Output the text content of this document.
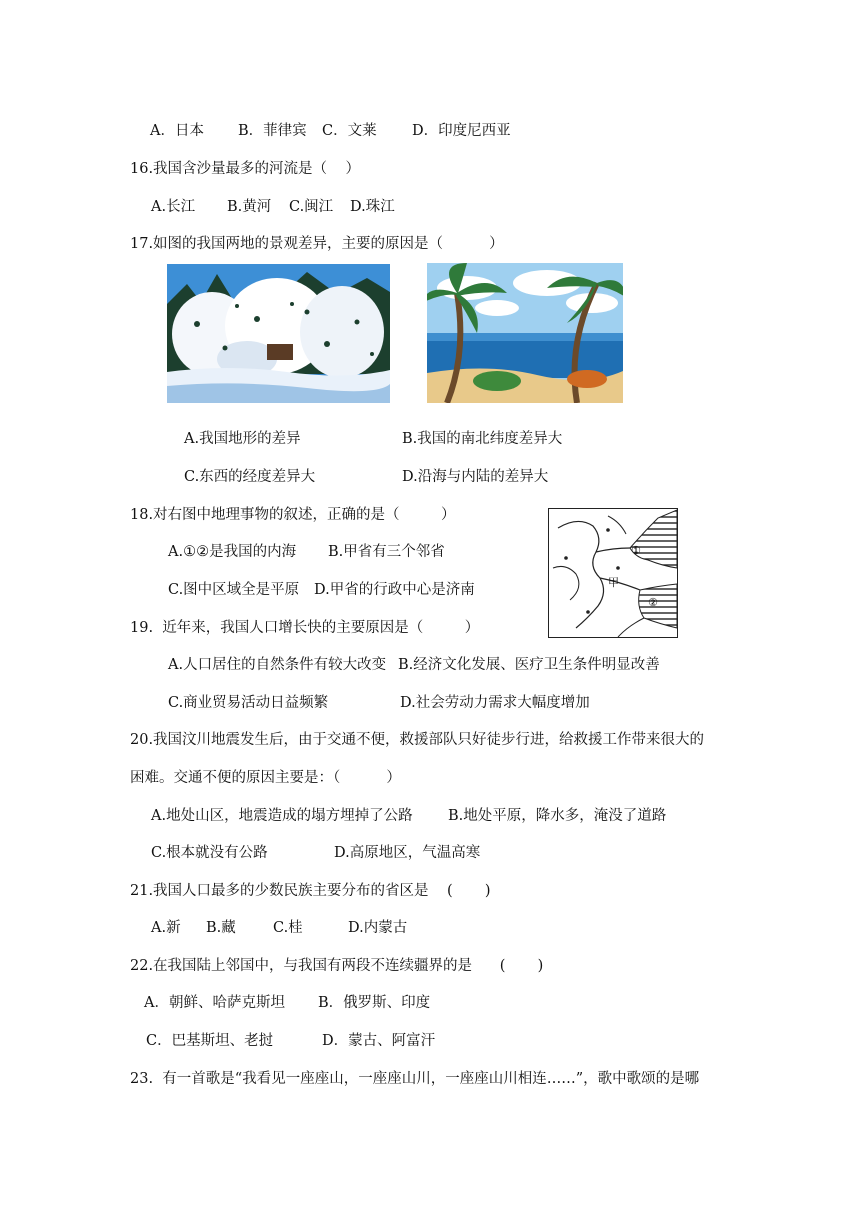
A．日本 B．菲律宾 C．文莱 D．印度尼西亚
16.我国含沙量最多的河流是（    ）
A.长江 B.黄河 C.闽江 D.珠江
17.如图的我国两地的景观差异，主要的原因是（          ）
A.我国地形的差异	B.我国的南北纬度差异大
C.东西的经度差异大	D.沿海与内陆的差异大
18.对右图中地理事物的叙述，正确的是（         ）
A.①②是我国的内海 B.甲省有三个邻省
C.图中区域全是平原 D.甲省的行政中心是济南
①
甲
②
19.  近年来，我国人口增长快的主要原因是（         ）
A.人口居住的自然条件有较大改变 B.经济文化发展、医疗卫生条件明显改善
C.商业贸易活动日益频繁	D.社会劳动力需求大幅度增加
20.我国汶川地震发生后，由于交通不便，救援部队只好徒步行进，给救援工作带来很大的
困难。交通不便的原因主要是：（          ）
A.地处山区，地震造成的塌方埋掉了公路 B.地处平原，降水多，淹没了道路
C.根本就没有公路	D.高原地区，气温高寒
21.我国人口最多的少数民族主要分布的省区是    (       )
A.新 B.藏	C.桂	D.内蒙古
22.在我国陆上邻国中，与我国有两段不连续疆界的是      (       )
A．朝鲜、哈萨克斯坦 B．俄罗斯、印度
C．巴基斯坦、老挝	D．蒙古、阿富汗
23.  有一首歌是“我看见一座座山，一座座山川，一座座山川相连……”，歌中歌颂的是哪
